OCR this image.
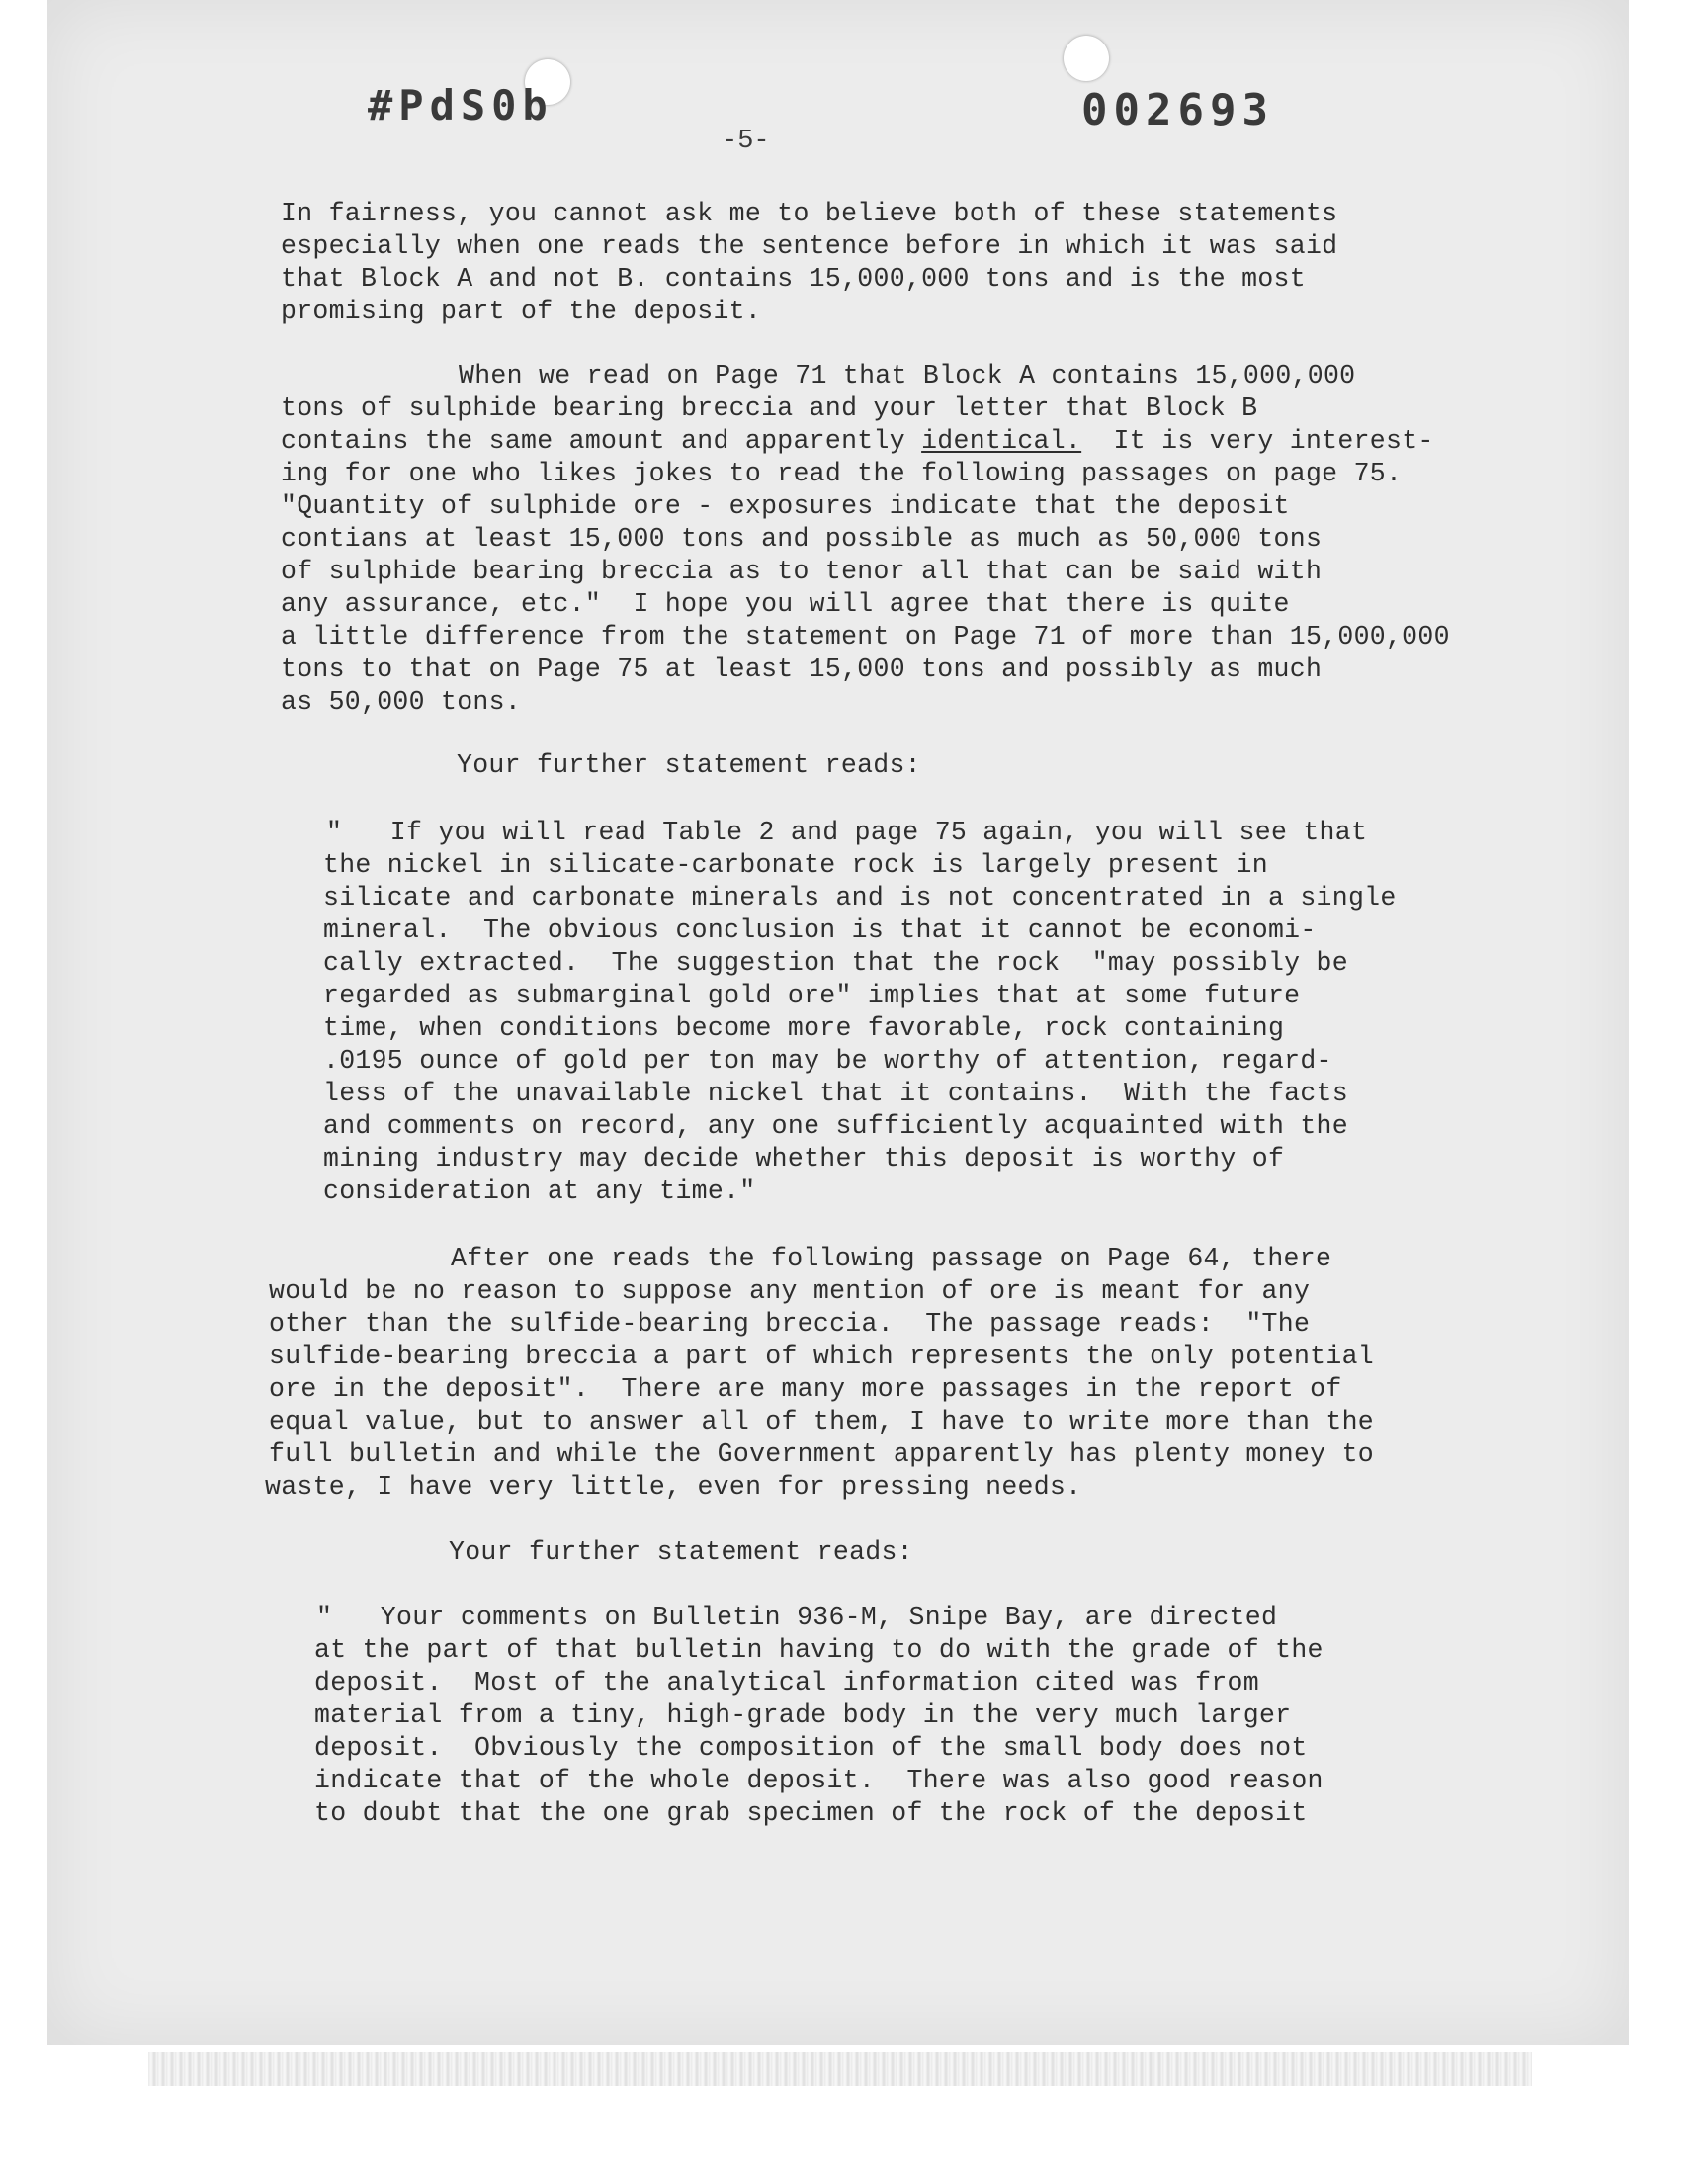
#PdS0b	002693
-5-

In fairness, you cannot ask me to believe both of these statements

especially when one reads the sentence before in which it was said

that Block A and not B. contains 15,000,000 tons and is the most

promising part of the deposit.

When we read on Page 71 that Block A contains 15,000,000

tons of sulphide bearing breccia and your letter that Block B

contains the same amount and apparently identical.  It is very interest-

ing for one who likes jokes to read the following passages on page 75.

"Quantity of sulphide ore - exposures indicate that the deposit

contians at least 15,000 tons and possible as much as 50,000 tons

of sulphide bearing breccia as to tenor all that can be said with

any assurance, etc."  I hope you will agree that there is quite

a little difference from the statement on Page 71 of more than 15,000,000

tons to that on Page 75 at least 15,000 tons and possibly as much

as 50,000 tons.

Your further statement reads:

"   If you will read Table 2 and page 75 again, you will see that

the nickel in silicate-carbonate rock is largely present in

silicate and carbonate minerals and is not concentrated in a single

mineral.  The obvious conclusion is that it cannot be economi-

cally extracted.  The suggestion that the rock  "may possibly be

regarded as submarginal gold ore" implies that at some future

time, when conditions become more favorable, rock containing

.0195 ounce of gold per ton may be worthy of attention, regard-

less of the unavailable nickel that it contains.  With the facts

and comments on record, any one sufficiently acquainted with the

mining industry may decide whether this deposit is worthy of

consideration at any time."

After one reads the following passage on Page 64, there

would be no reason to suppose any mention of ore is meant for any

other than the sulfide-bearing breccia.  The passage reads:  "The

sulfide-bearing breccia a part of which represents the only potential

ore in the deposit".  There are many more passages in the report of

equal value, but to answer all of them, I have to write more than the

full bulletin and while the Government apparently has plenty money to

waste, I have very little, even for pressing needs.

Your further statement reads:

"   Your comments on Bulletin 936-M, Snipe Bay, are directed

at the part of that bulletin having to do with the grade of the

deposit.  Most of the analytical information cited was from

material from a tiny, high-grade body in the very much larger

deposit.  Obviously the composition of the small body does not

indicate that of the whole deposit.  There was also good reason

to doubt that the one grab specimen of the rock of the deposit
